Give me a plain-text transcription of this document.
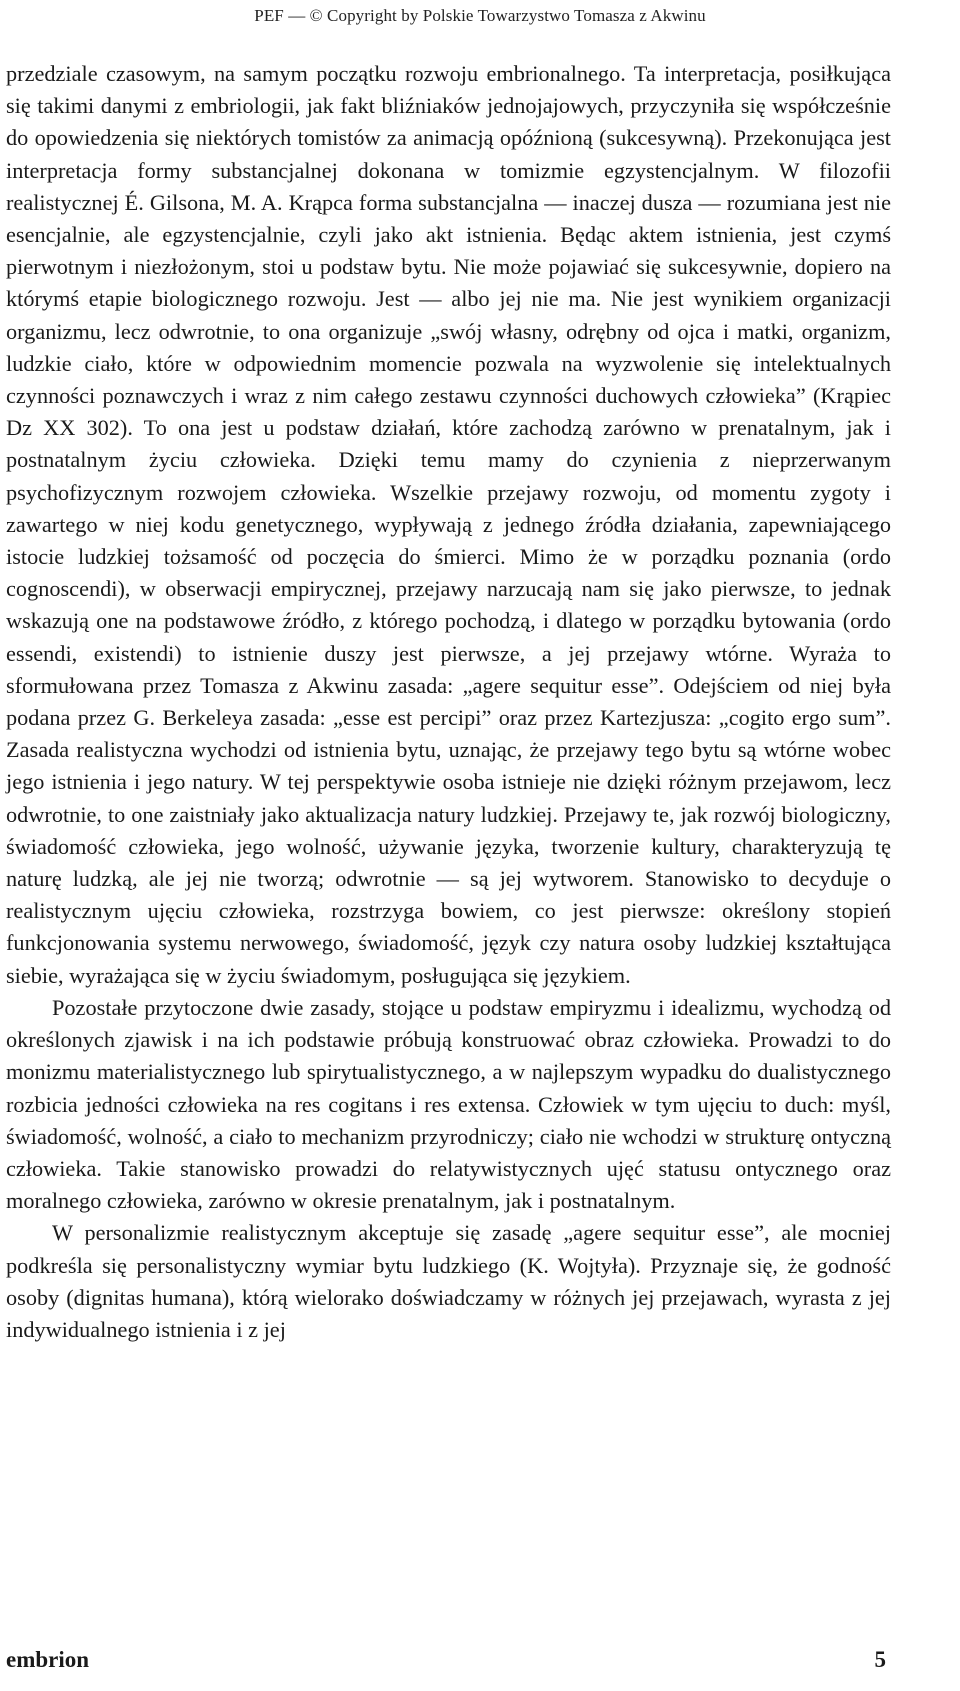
PEF — © Copyright by Polskie Towarzystwo Tomasza z Akwinu

przedziale czasowym, na samym początku rozwoju embrionalnego. Ta interpretacja, posiłkująca się takimi danymi z embriologii, jak fakt bliźniaków jednojajowych, przyczyniła się współcześnie do opowiedzenia się niektórych tomistów za animacją opóźnioną (sukcesywną). Przekonująca jest interpretacja formy substancjalnej dokonana w tomizmie egzystencjalnym. W filozofii realistycznej É. Gilsona, M. A. Krąpca forma substancjalna — inaczej dusza — rozumiana jest nie esencjalnie, ale egzystencjalnie, czyli jako akt istnienia. Będąc aktem istnienia, jest czymś pierwotnym i niezłożonym, stoi u podstaw bytu. Nie może pojawiać się sukcesywnie, dopiero na którymś etapie biologicznego rozwoju. Jest — albo jej nie ma. Nie jest wynikiem organizacji organizmu, lecz odwrotnie, to ona organizuje „swój własny, odrębny od ojca i matki, organizm, ludzkie ciało, które w odpowiednim momencie pozwala na wyzwolenie się intelektualnych czynności poznawczych i wraz z nim całego zestawu czynności duchowych człowieka” (Krąpiec Dz XX 302). To ona jest u podstaw działań, które zachodzą zarówno w prenatalnym, jak i postnatalnym życiu człowieka. Dzięki temu mamy do czynienia z nieprzerwanym psychofizycznym rozwojem człowieka. Wszelkie przejawy rozwoju, od momentu zygoty i zawartego w niej kodu genetycznego, wypływają z jednego źródła działania, zapewniającego istocie ludzkiej tożsamość od poczęcia do śmierci. Mimo że w porządku poznania (ordo cognoscendi), w obserwacji empirycznej, przejawy narzucają nam się jako pierwsze, to jednak wskazują one na podstawowe źródło, z którego pochodzą, i dlatego w porządku bytowania (ordo essendi, existendi) to istnienie duszy jest pierwsze, a jej przejawy wtórne. Wyraża to sformułowana przez Tomasza z Akwinu zasada: „agere sequitur esse”. Odejściem od niej była podana przez G. Berkeleya zasada: „esse est percipi” oraz przez Kartezjusza: „cogito ergo sum”. Zasada realistyczna wychodzi od istnienia bytu, uznając, że przejawy tego bytu są wtórne wobec jego istnienia i jego natury. W tej perspektywie osoba istnieje nie dzięki różnym przejawom, lecz odwrotnie, to one zaistniały jako aktualizacja natury ludzkiej. Przejawy te, jak rozwój biologiczny, świadomość człowieka, jego wolność, używanie języka, tworzenie kultury, charakteryzują tę naturę ludzką, ale jej nie tworzą; odwrotnie — są jej wytworem. Stanowisko to decyduje o realistycznym ujęciu człowieka, rozstrzyga bowiem, co jest pierwsze: określony stopień funkcjonowania systemu nerwowego, świadomość, język czy natura osoby ludzkiej kształtująca siebie, wyrażająca się w życiu świadomym, posługująca się językiem.

Pozostałe przytoczone dwie zasady, stojące u podstaw empiryzmu i idealizmu, wychodzą od określonych zjawisk i na ich podstawie próbują konstruować obraz człowieka. Prowadzi to do monizmu materialistycznego lub spirytualistycznego, a w najlepszym wypadku do dualistycznego rozbicia jedności człowieka na res cogitans i res extensa. Człowiek w tym ujęciu to duch: myśl, świadomość, wolność, a ciało to mechanizm przyrodniczy; ciało nie wchodzi w strukturę ontyczną człowieka. Takie stanowisko prowadzi do relatywistycznych ujęć statusu ontycznego oraz moralnego człowieka, zarówno w okresie prenatalnym, jak i postnatalnym.

W personalizmie realistycznym akceptuje się zasadę „agere sequitur esse”, ale mocniej podkreśla się personalistyczny wymiar bytu ludzkiego (K. Wojtyła). Przyznaje się, że godność osoby (dignitas humana), którą wielorako doświadczamy w różnych jej przejawach, wyrasta z jej indywidualnego istnienia i z jej

embrion	5
